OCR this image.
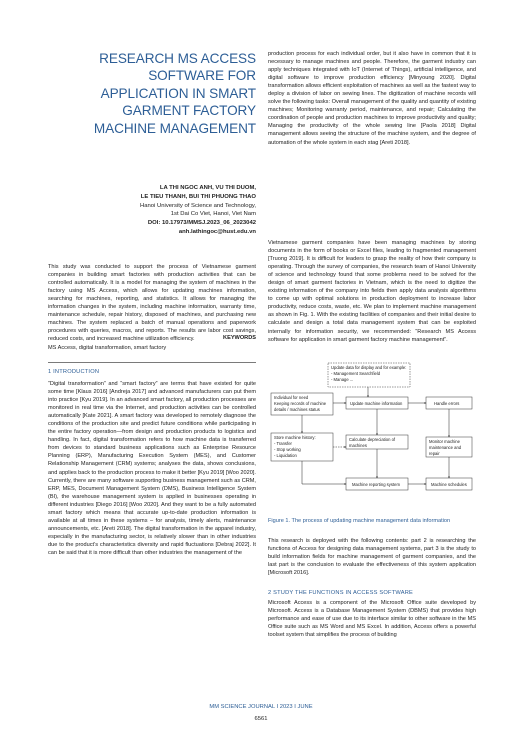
RESEARCH MS ACCESS SOFTWARE FOR APPLICATION IN SMART GARMENT FACTORY MACHINE MANAGEMENT
LA THI NGOC ANH, VU THI DUOM,
LE TIEU THANH, BUI THI PHUONG THAO
Hanoi University of Science and Technology,
1st Dai Co Viet, Hanoi, Viet Nam
DOI: 10.17973/MMSJ.2023_06_2023042
anh.lathingoc@hust.edu.vn
This study was conducted to support the process of Vietnamese garment companies in building smart factories with production activities that can be controlled automatically. It is a model for managing the system of machines in the factory using MS Access, which allows for updating machines information, searching for machines, reporting, and statistics. It allows for managing the information changes in the system, including machine information, warranty time, maintenance schedule, repair history, disposed of machines, and purchasing new machines. The system replaced a batch of manual operations and paperwork procedures with queries, macros, and reports. The results are labor cost savings, reduced costs, and increased machine utilization efficiency.	KEYWORDS
MS Access, digital transformation, smart factory
1 INTRODUCTION
“Digital transformation” and “smart factory” are terms that have existed for quite some time [Klaus 2016] [Andreja 2017] and advanced manufacturers can put them into practice [Kyu 2019]. In an advanced smart factory, all production processes are monitored in real time via the Internet, and production activities can be controlled automatically [Kate 2021]. A smart factory was developed to remotely diagnose the conditions of the production site and predict future conditions while participating in the entire factory operation—from design and production products to logistics and handling. In fact, digital transformation refers to how machine data is transferred from devices to standard business applications such as Enterprise Resource Planning (ERP), Manufacturing Execution System (MES), and Customer Relationship Management (CRM) systems; analyses the data, shows conclusions, and applies back to the production process to make it better [Kyu 2019] [Woo 2020]. Currently, there are many software supporting business management such as CRM, ERP, MES, Document Management System (DMS), Business Intelligence System (BI), the warehouse management system is applied in businesses operating in different industries [Diego 2016] [Woo 2020]. And they want to be a fully automated smart factory which means that accurate up-to-date production information is available at all times in these systems – for analysis, timely alerts, maintenance announcements, etc. [Areti 2018]. The digital transformation in the apparel industry, especially in the manufacturing sector, is relatively slower than in other industries due to the product’s characteristics diversity and rapid fluctuations [Debraj 2022]. It can be said that it is more difficult than other industries the management of the
production process for each individual order, but it also have in common that it is necessary to manage machines and people. Therefore, the garment industry can apply techniques integrated with IoT (Internet of Things), artificial intelligence, and digital software to improve production efficiency [Minyoung 2020]. Digital transformation allows efficient exploitation of machines as well as the fastest way to deploy a division of labor on sewing lines. The digitization of machine records will solve the following tasks: Overall management of the quality and quantity of existing machines; Monitoring warranty period, maintenance, and repair; Calculating the coordination of people and production machines to improve productivity and quality; Managing the productivity of the whole sewing line [Paola 2018] Digital management allows seeing the structure of the machine system, and the degree of automation of the whole system in each stag [Areti 2018].
Vietnamese garment companies have been managing machines by storing documents in the form of books or Excel files, leading to fragmented management [Truong 2019]. It is difficult for leaders to grasp the reality of how their company is operating. Through the survey of companies, the research team of Hanoi University of science and technology found that some problems need to be solved for the design of smart garment factories in Vietnam, which is the need to digitize the existing information of the company into fields then apply data analysis algorithms to come up with optimal solutions in production deployment to increase labor productivity, reduce costs, waste, etc. We plan to implement machine management as shown in Fig. 1. With the existing facilities of companies and their initial desire to calculate and design a total data management system that can be exploited internally for information security, we recommended: “Research MS Access software for application in smart garment factory machine management”.
Update data for display and for example:
- Management Searchfield
- Manage ...
Individual for need
Keeping records of machine
details / machines status
Update machine information	Handle errors
Store machine history:
- Transfer
- Stop working
- Liquidation
Calculate depreciation of
machines
Monitor machine
maintenance and
repair
Machine reporting system	Machine schedules
Figure 1. The process of updating machine management data information
This research is deployed with the following contents: part 2 is researching the functions of Access for designing data management systems, part 3 is the study to build information fields for machine management of garment companies, and the last part is the conclusion to evaluate the effectiveness of this system application [Microsoft 2016].
2 STUDY THE FUNCTIONS IN ACCESS SOFTWARE
Microsoft Access is a component of the Microsoft Office suite developed by Microsoft. Access is a Database Management System (DBMS) that provides high performance and ease of use due to its interface similar to other software in the MS Office suite such as MS Word and MS Excel. In addition, Access offers a powerful toolset system that simplifies the process of building
MM SCIENCE JOURNAL I 2023 I JUNE
6561
